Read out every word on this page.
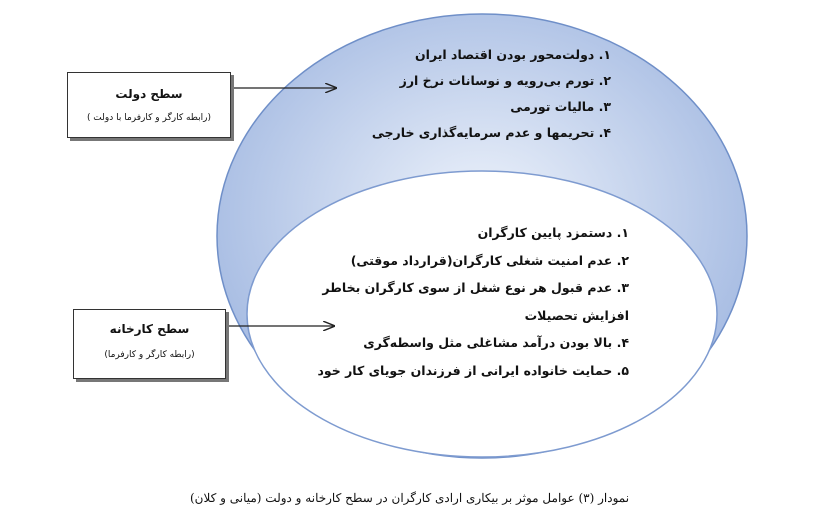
سطح دولت
(رابطه کارگر و کارفرما با دولت )
سطح کارخانه
(رابطه کارگر و کارفرما)
۱. دولت‌محور بودن اقتصاد ایران
۲. تورم بی‌رویه و نوسانات نرخ ارز
۳. مالیات تورمی
۴. تحریمها و عدم سرمایه‌گذاری خارجی
۱. دستمزد پایین کارگران
۲. عدم امنیت شغلی کارگران(قرارداد موقتی)
۳. عدم قبول هر نوع شغل از سوی کارگران بخاطر
افزایش تحصیلات
۴. بالا بودن درآمد مشاغلی مثل واسطه‌گری
۵. حمایت خانواده ایرانی از فرزندان جویای کار خود
نمودار (۳) عوامل موثر بر بیکاری ارادی کارگران در سطح کارخانه و دولت (میانی و کلان)
